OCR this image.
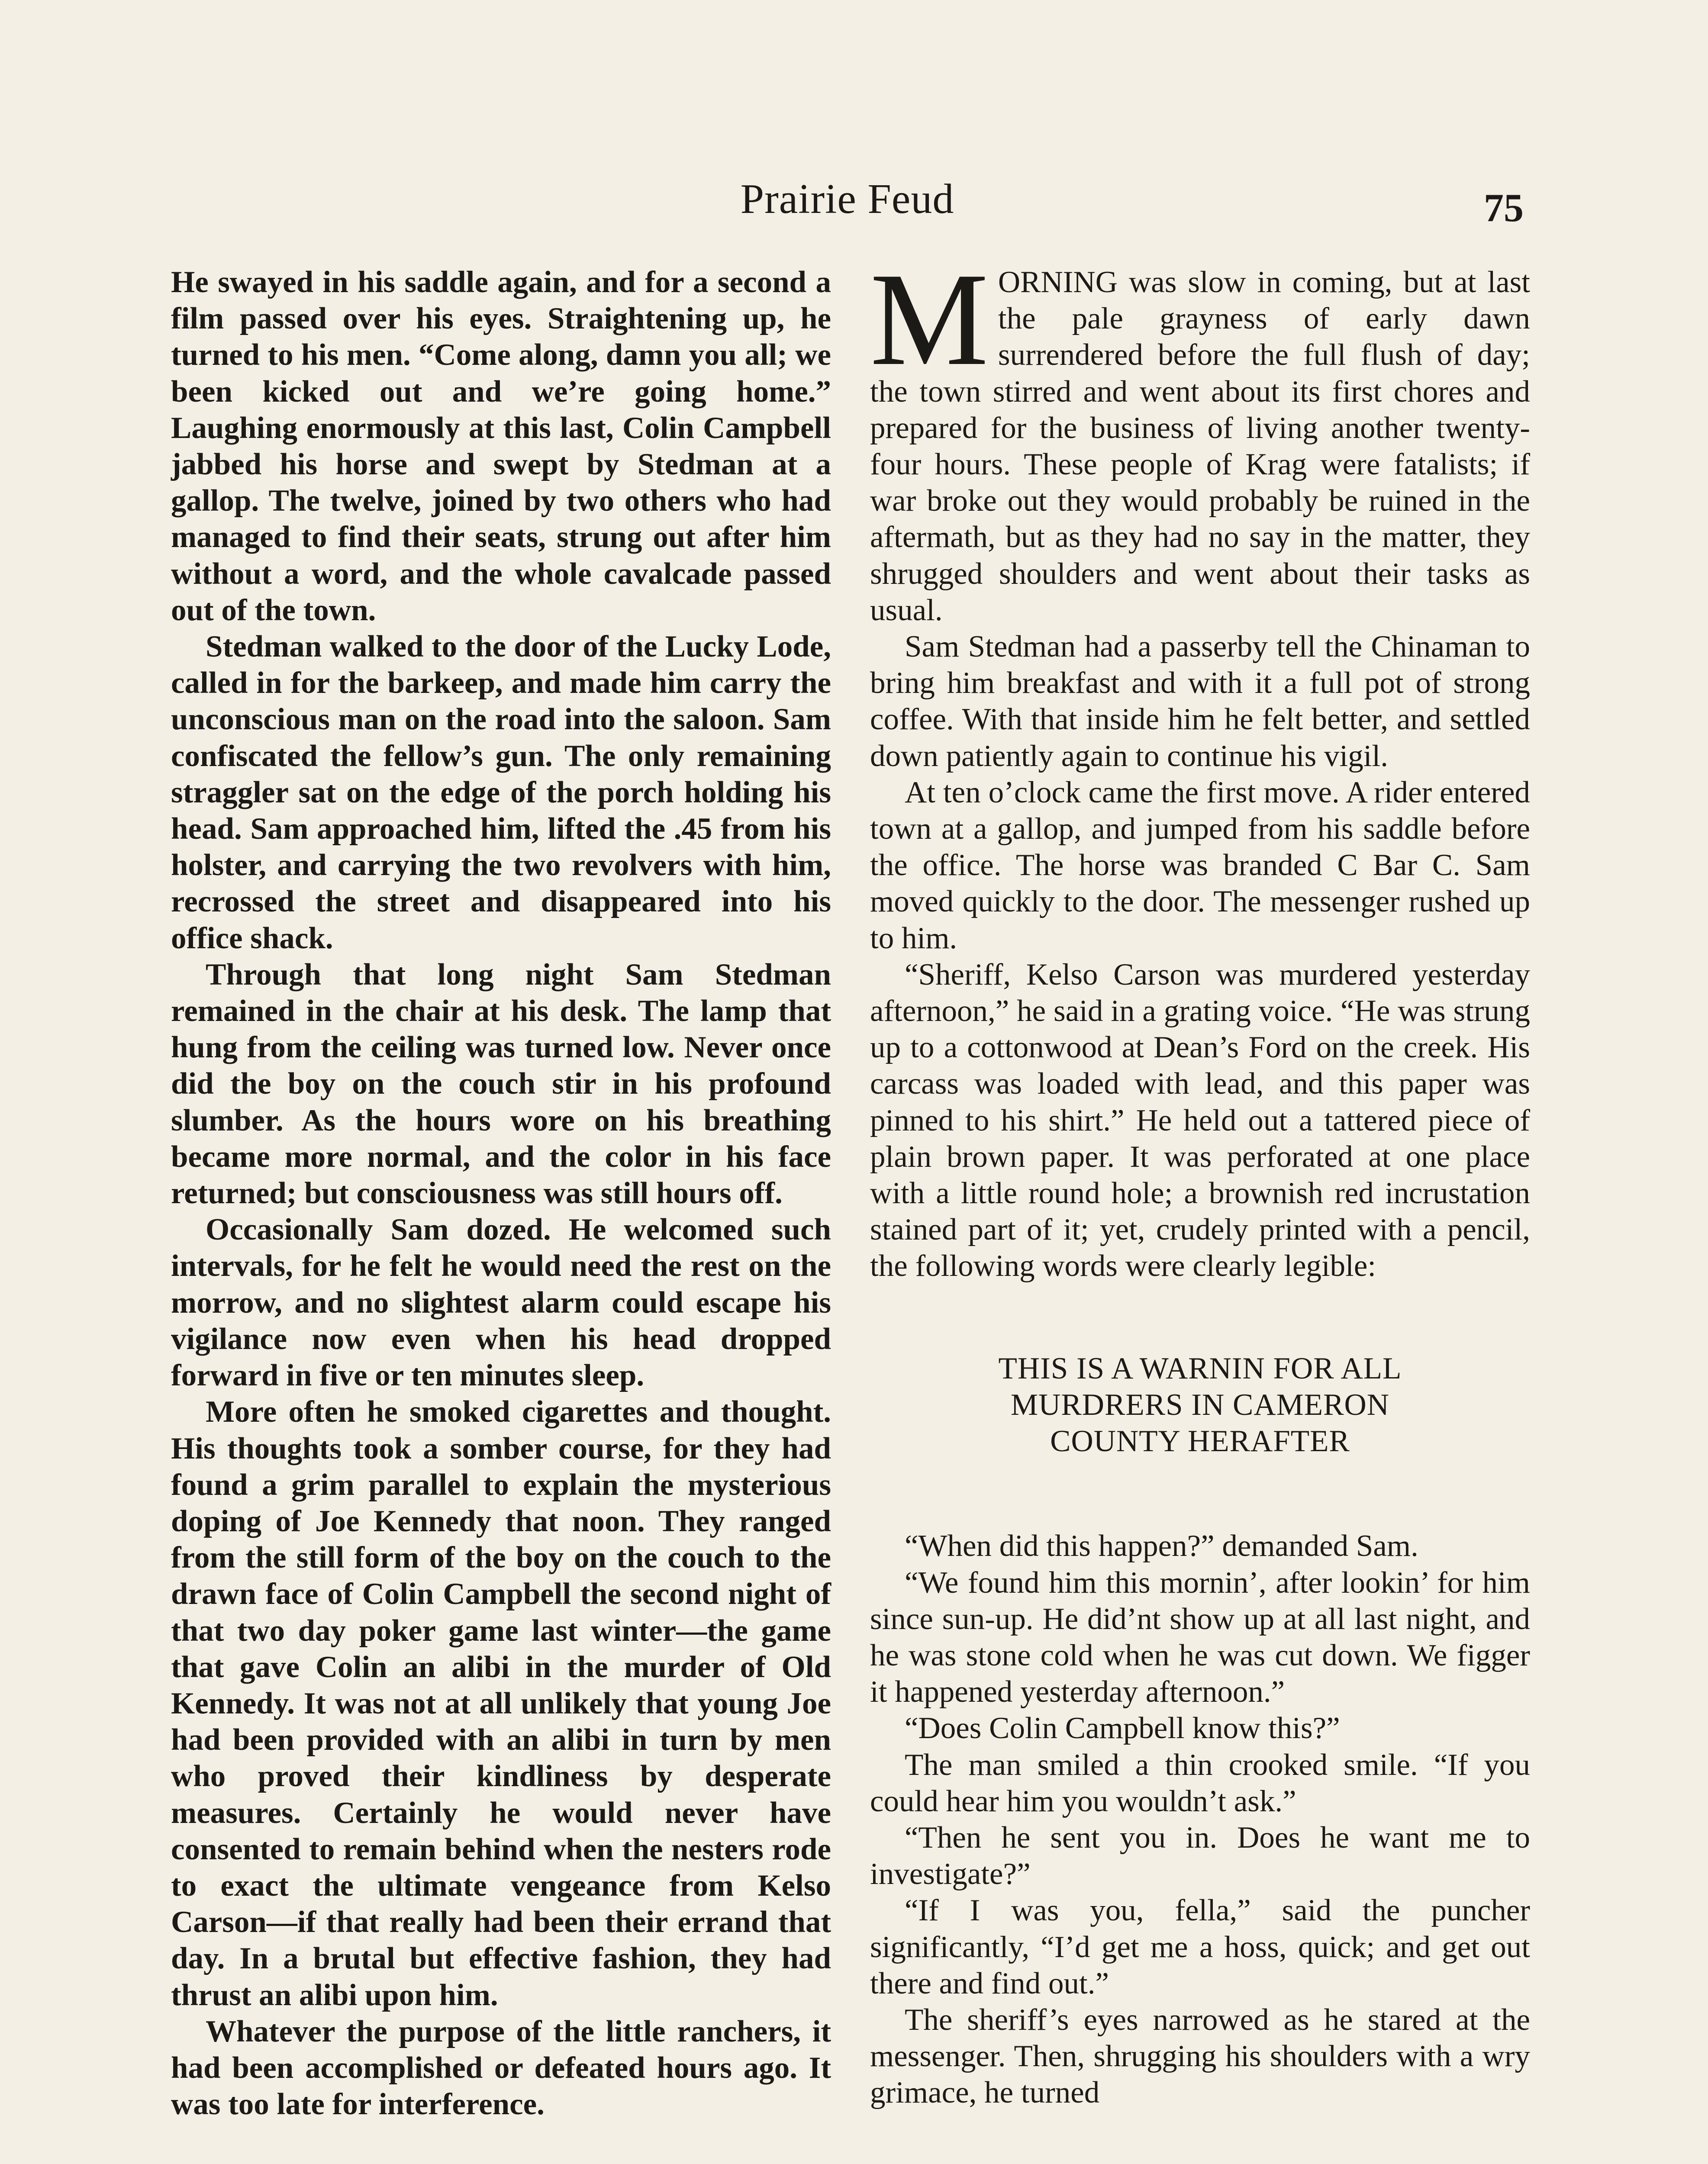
Prairie Feud	75

He swayed in his saddle again, and for a second a film passed over his eyes. Straightening up, he turned to his men. “Come along, damn you all; we been kicked out and we’re going home.” Laughing enormously at this last, Colin Campbell jabbed his horse and swept by Stedman at a gallop. The twelve, joined by two others who had managed to find their seats, strung out after him without a word, and the whole cavalcade passed out of the town.

Stedman walked to the door of the Lucky Lode, called in for the barkeep, and made him carry the unconscious man on the road into the saloon. Sam confiscated the fellow’s gun. The only remaining straggler sat on the edge of the porch holding his head. Sam approached him, lifted the .45 from his holster, and carrying the two revolvers with him, recrossed the street and disappeared into his office shack.

Through that long night Sam Stedman remained in the chair at his desk. The lamp that hung from the ceiling was turned low. Never once did the boy on the couch stir in his profound slumber. As the hours wore on his breathing became more normal, and the color in his face returned; but consciousness was still hours off.

Occasionally Sam dozed. He welcomed such intervals, for he felt he would need the rest on the morrow, and no slightest alarm could escape his vigilance now even when his head dropped forward in five or ten minutes sleep.

More often he smoked cigarettes and thought. His thoughts took a somber course, for they had found a grim parallel to explain the mysterious doping of Joe Kennedy that noon. They ranged from the still form of the boy on the couch to the drawn face of Colin Campbell the second night of that two day poker game last winter—the game that gave Colin an alibi in the murder of Old Kennedy. It was not at all unlikely that young Joe had been provided with an alibi in turn by men who proved their kindliness by desperate measures. Certainly he would never have consented to remain behind when the nesters rode to exact the ultimate vengeance from Kelso Carson—if that really had been their errand that day. In a brutal but effective fashion, they had thrust an alibi upon him.

Whatever the purpose of the little ranchers, it had been accomplished or defeated hours ago. It was too late for interference.

MORNING was slow in coming, but at last the pale grayness of early dawn surrendered before the full flush of day; the town stirred and went about its first chores and prepared for the business of living another twenty-four hours. These people of Krag were fatalists; if war broke out they would probably be ruined in the aftermath, but as they had no say in the matter, they shrugged shoulders and went about their tasks as usual.

Sam Stedman had a passerby tell the Chinaman to bring him breakfast and with it a full pot of strong coffee. With that inside him he felt better, and settled down patiently again to continue his vigil.

At ten o’clock came the first move. A rider entered town at a gallop, and jumped from his saddle before the office. The horse was branded C Bar C. Sam moved quickly to the door. The messenger rushed up to him.

“Sheriff, Kelso Carson was murdered yesterday afternoon,” he said in a grating voice. “He was strung up to a cottonwood at Dean’s Ford on the creek. His carcass was loaded with lead, and this paper was pinned to his shirt.” He held out a tattered piece of plain brown paper. It was perforated at one place with a little round hole; a brownish red incrustation stained part of it; yet, crudely printed with a pencil, the following words were clearly legible:

THIS IS A WARNIN FOR ALL
MURDRERS IN CAMERON
COUNTY HERAFTER

“When did this happen?” demanded Sam.

“We found him this mornin’, after lookin’ for him since sun-up. He did’nt show up at all last night, and he was stone cold when he was cut down. We figger it happened yesterday afternoon.”

“Does Colin Campbell know this?”

The man smiled a thin crooked smile. “If you could hear him you wouldn’t ask.”

“Then he sent you in. Does he want me to investigate?”

“If I was you, fella,” said the puncher significantly, “I’d get me a hoss, quick; and get out there and find out.”

The sheriff’s eyes narrowed as he stared at the messenger. Then, shrugging his shoulders with a wry grimace, he turned
